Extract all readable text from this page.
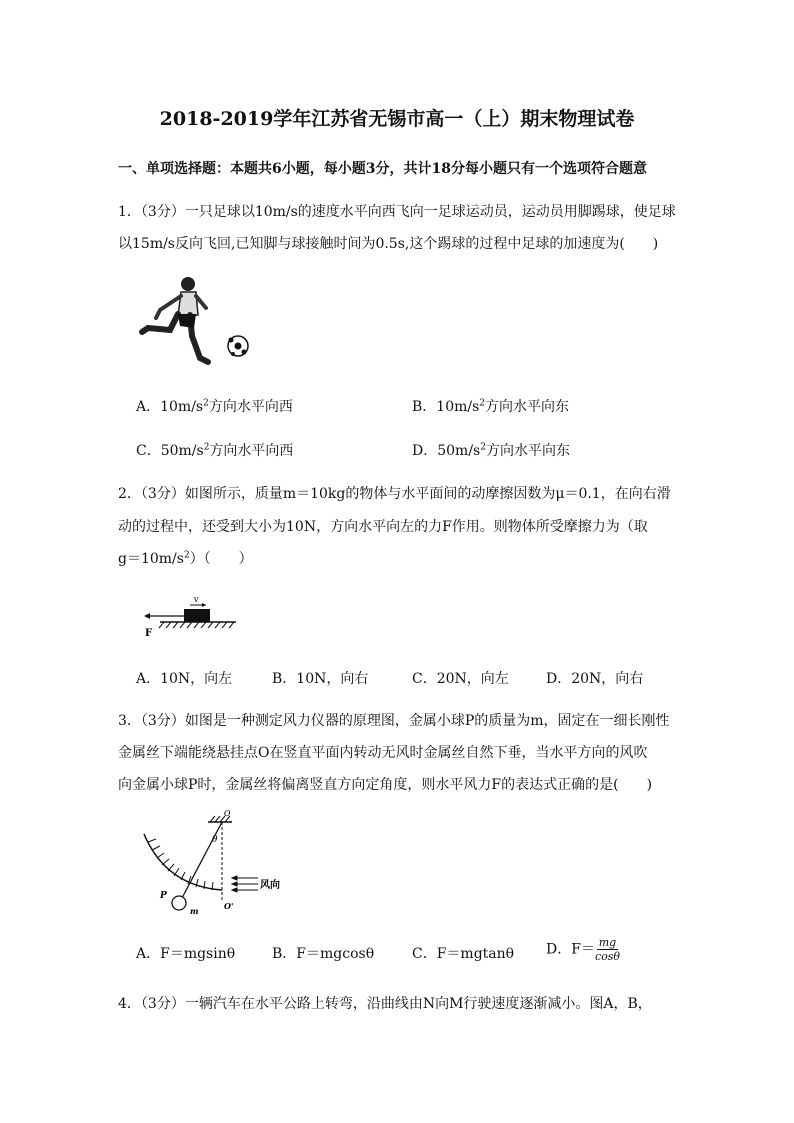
2018-2019学年江苏省无锡市高一（上）期末物理试卷
一、单项选择题：本题共6小题，每小题3分，共计18分每小题只有一个选项符合题意
1．（3分）一只足球以10m/s的速度水平向西飞向一足球运动员，运动员用脚踢球，使足球
以15m/s反向飞回,已知脚与球接触时间为0.5s,这个踢球的过程中足球的加速度为(　　)
A．$10m/s^2$方向水平向西	B．$10m/s^2$方向水平向东
C．$50m/s^2$方向水平向西	D．$50m/s^2$方向水平向东
2．（3分）如图所示，质量m＝10kg的物体与水平面间的动摩擦因数为μ＝0.1，在向右滑
动的过程中，还受到大小为10N，方向水平向左的力F作用。则物体所受摩擦力为（取
$g=10m/s^2$）（　　）
v
F
A．10N，向左	B．10N，向右	C．20N，向左	D．20N，向右
3．（3分）如图是一种测定风力仪器的原理图，金属小球P的质量为m，固定在一细长刚性
金属丝下端能绕悬挂点O在竖直平面内转动无风时金属丝自然下垂，当水平方向的风吹
向金属小球P时，金属丝将偏离竖直方向定角度，则水平风力F的表达式正确的是(　　)
O
θ
P
m	O'
风向
A．F＝mgsinθ	B．F＝mgcosθ	C．F＝mgtanθ D．$F= \frac{mg}{\cos\theta}$
4．（3分）一辆汽车在水平公路上转弯，沿曲线由N向M行驶速度逐渐减小。图A，B，
